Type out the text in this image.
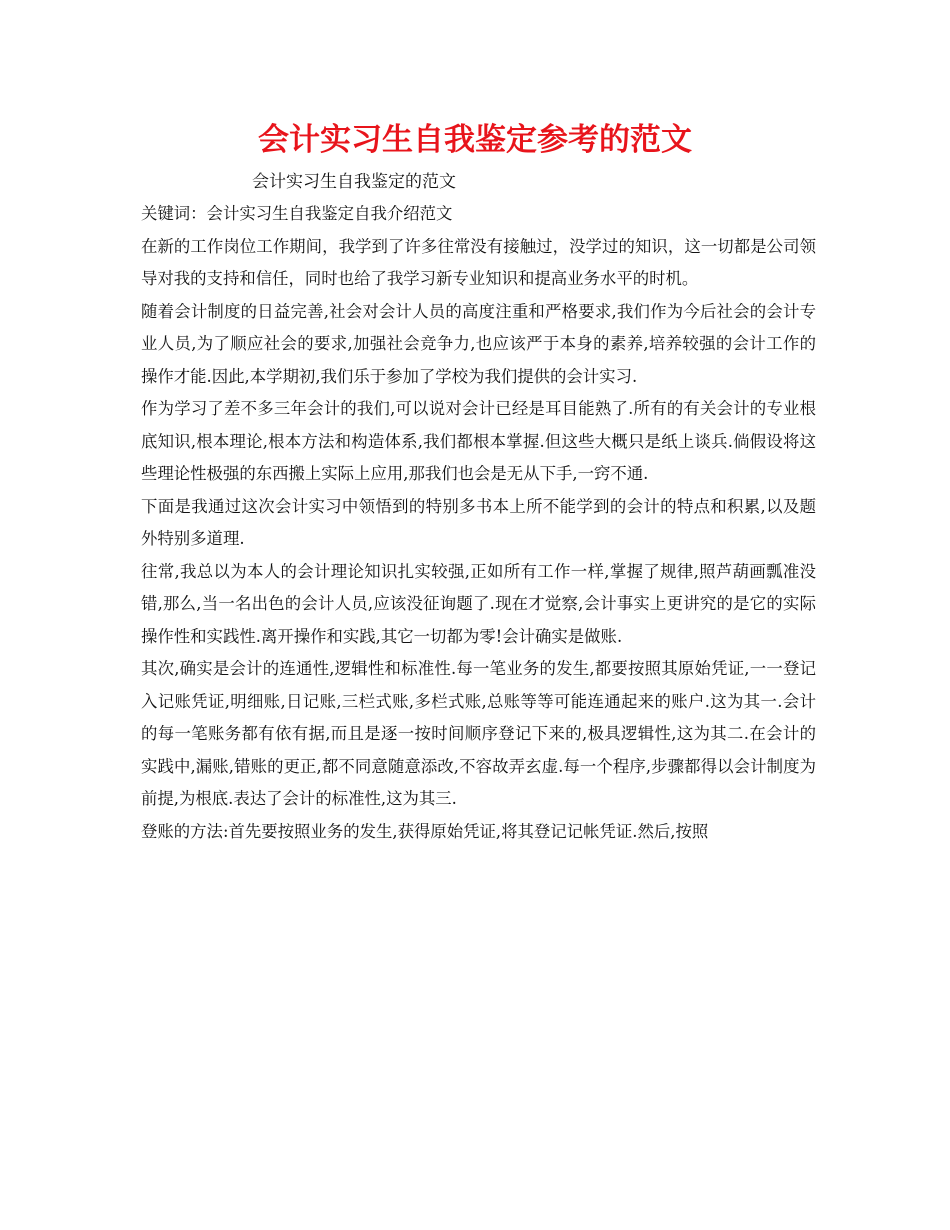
会计实习生自我鉴定参考的范文
会计实习生自我鉴定的范文

关键词：会计实习生自我鉴定自我介绍范文

在新的工作岗位工作期间，我学到了许多往常没有接触过，没学过的知识，这一切都是公司领导对我的支持和信任，同时也给了我学习新专业知识和提高业务水平的时机。

随着会计制度的日益完善,社会对会计人员的高度注重和严格要求,我们作为今后社会的会计专业人员,为了顺应社会的要求,加强社会竞争力,也应该严于本身的素养,培养较强的会计工作的操作才能.因此,本学期初,我们乐于参加了学校为我们提供的会计实习.

作为学习了差不多三年会计的我们,可以说对会计已经是耳目能熟了.所有的有关会计的专业根底知识,根本理论,根本方法和构造体系,我们都根本掌握.但这些大概只是纸上谈兵.倘假设将这些理论性极强的东西搬上实际上应用,那我们也会是无从下手,一窍不通.

下面是我通过这次会计实习中领悟到的特别多书本上所不能学到的会计的特点和积累,以及题外特别多道理.

往常,我总以为本人的会计理论知识扎实较强,正如所有工作一样,掌握了规律,照芦葫画瓢准没错,那么,当一名出色的会计人员,应该没征询题了.现在才觉察,会计事实上更讲究的是它的实际操作性和实践性.离开操作和实践,其它一切都为零!会计确实是做账.

其次,确实是会计的连通性,逻辑性和标准性.每一笔业务的发生,都要按照其原始凭证,一一登记入记账凭证,明细账,日记账,三栏式账,多栏式账,总账等等可能连通起来的账户.这为其一.会计的每一笔账务都有依有据,而且是逐一按时间顺序登记下来的,极具逻辑性,这为其二.在会计的实践中,漏账,错账的更正,都不同意随意添改,不容故弄玄虚.每一个程序,步骤都得以会计制度为前提,为根底.表达了会计的标准性,这为其三.

登账的方法:首先要按照业务的发生,获得原始凭证,将其登记记帐凭证.然后,按照
